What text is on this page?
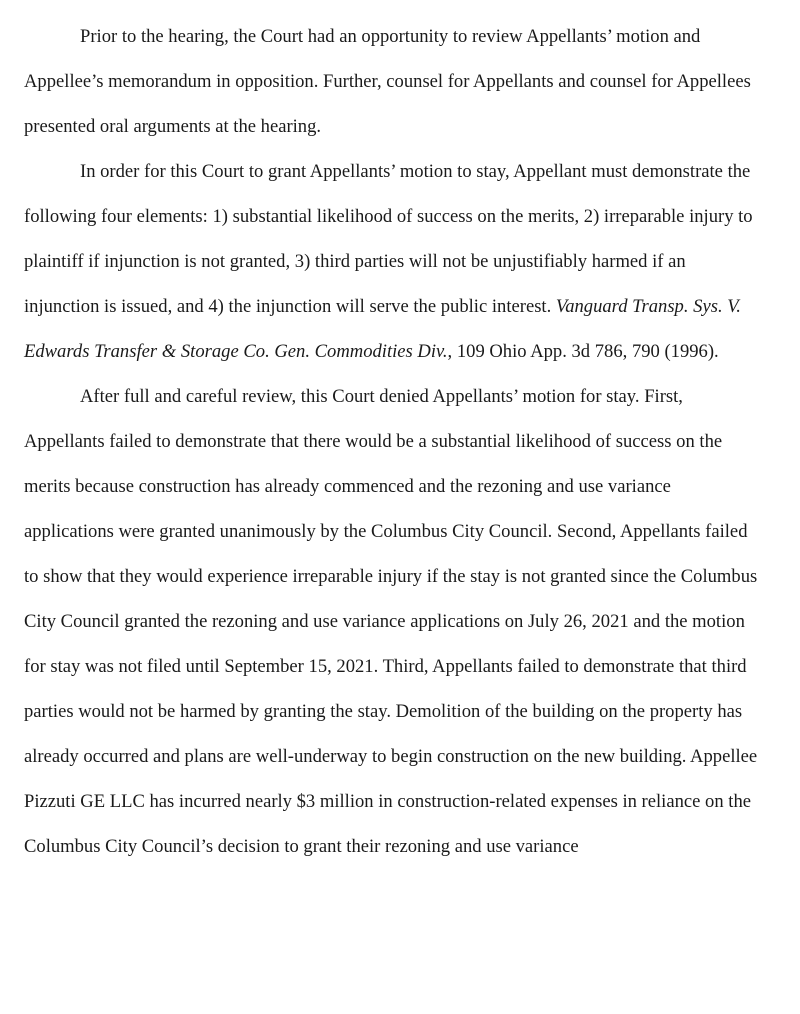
Prior to the hearing, the Court had an opportunity to review Appellants’ motion and Appellee’s memorandum in opposition. Further, counsel for Appellants and counsel for Appellees presented oral arguments at the hearing.

In order for this Court to grant Appellants’ motion to stay, Appellant must demonstrate the following four elements: 1) substantial likelihood of success on the merits, 2) irreparable injury to plaintiff if injunction is not granted, 3) third parties will not be unjustifiably harmed if an injunction is issued, and 4) the injunction will serve the public interest. Vanguard Transp. Sys. V. Edwards Transfer & Storage Co. Gen. Commodities Div., 109 Ohio App. 3d 786, 790 (1996).

After full and careful review, this Court denied Appellants’ motion for stay. First, Appellants failed to demonstrate that there would be a substantial likelihood of success on the merits because construction has already commenced and the rezoning and use variance applications were granted unanimously by the Columbus City Council. Second, Appellants failed to show that they would experience irreparable injury if the stay is not granted since the Columbus City Council granted the rezoning and use variance applications on July 26, 2021 and the motion for stay was not filed until September 15, 2021. Third, Appellants failed to demonstrate that third parties would not be harmed by granting the stay. Demolition of the building on the property has already occurred and plans are well-underway to begin construction on the new building. Appellee Pizzuti GE LLC has incurred nearly $3 million in construction-related expenses in reliance on the Columbus City Council’s decision to grant their rezoning and use variance
